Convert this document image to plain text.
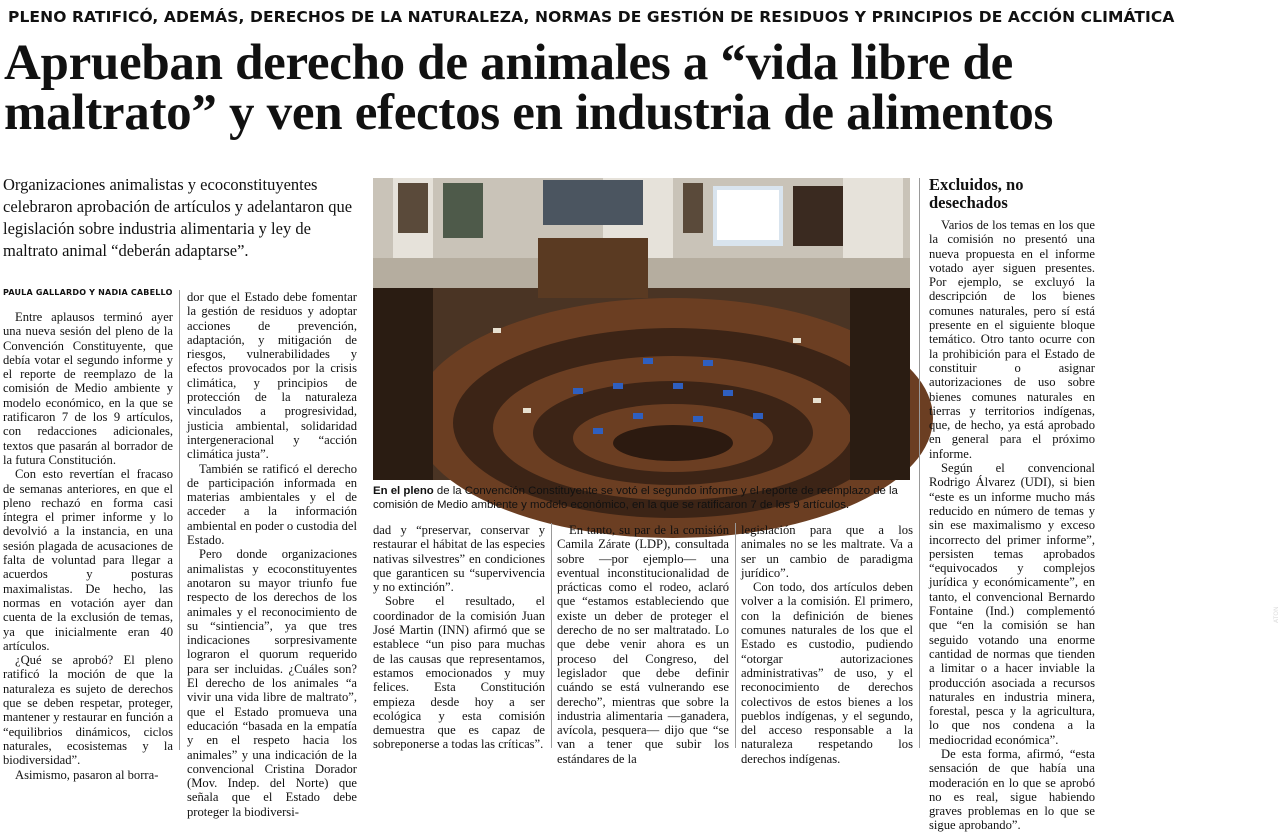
PLENO RATIFICÓ, ADEMÁS, DERECHOS DE LA NATURALEZA, NORMAS DE GESTIÓN DE RESIDUOS Y PRINCIPIOS DE ACCIÓN CLIMÁTICA
Aprueban derecho de animales a “vida libre de maltrato” y ven efectos en industria de alimentos
Organizaciones animalistas y ecoconstituyentes celebraron aprobación de artículos y adelantaron que legislación sobre industria alimentaria y ley de maltrato animal “deberán adaptarse”.
PAULA GALLARDO Y NADIA CABELLO

Entre aplausos terminó ayer una nueva sesión del pleno de la Convención Constituyente, que debía votar el segundo informe y el reporte de reemplazo de la comisión de Medio ambiente y modelo económico, en la que se ratificaron 7 de los 9 artículos, con redacciones adicionales, textos que pasarán al borrador de la futura Constitución.

Con esto revertían el fracaso de semanas anteriores, en que el pleno rechazó en forma casi íntegra el primer informe y lo devolvió a la instancia, en una sesión plagada de acusaciones de falta de voluntad para llegar a acuerdos y posturas maximalistas. De hecho, las normas en votación ayer dan cuenta de la exclusión de temas, ya que inicialmente eran 40 artículos.

¿Qué se aprobó? El pleno ratificó la moción de que la naturaleza es sujeto de derechos que se deben respetar, proteger, mantener y restaurar en función a “equilibrios dinámicos, ciclos naturales, ecosistemas y la biodiversidad”.

Asimismo, pasaron al borra-

dor que el Estado debe fomentar la gestión de residuos y adoptar acciones de prevención, adaptación, y mitigación de riesgos, vulnerabilidades y efectos provocados por la crisis climática, y principios de protección de la naturaleza vinculados a progresividad, justicia ambiental, solidaridad intergeneracional y “acción climática justa”.

También se ratificó el derecho de participación informada en materias ambientales y el de acceder a la información ambiental en poder o custodia del Estado.

Pero donde organizaciones animalistas y ecoconstituyentes anotaron su mayor triunfo fue respecto de los derechos de los animales y el reconocimiento de su “sintiencia”, ya que tres indicaciones sorpresivamente lograron el quorum requerido para ser incluidas. ¿Cuáles son? El derecho de los animales “a vivir una vida libre de maltrato”, que el Estado promueva una educación “basada en la empatía y en el respeto hacia los animales” y una indicación de la convencional Cristina Dorador (Mov. Indep. del Norte) que señala que el Estado debe proteger la biodiversi-

ATON
En el pleno de la Convención Constituyente se votó el segundo informe y el reporte de reemplazo de la comisión de Medio ambiente y modelo económico, en la que se ratificaron 7 de los 9 artículos.

dad y “preservar, conservar y restaurar el hábitat de las especies nativas silvestres” en condiciones que garanticen su “supervivencia y no extinción”.

Sobre el resultado, el coordinador de la comisión Juan José Martin (INN) afirmó que se establece “un piso para muchas de las causas que representamos, estamos emocionados y muy felices. Esta Constitución empieza desde hoy a ser ecológica y esta comisión demuestra que es capaz de sobreponerse a todas las críticas”.

En tanto, su par de la comisión Camila Zárate (LDP), consultada sobre —por ejemplo— una eventual inconstitucionalidad de prácticas como el rodeo, aclaró que “estamos estableciendo que existe un deber de proteger el derecho de no ser maltratado. Lo que debe venir ahora es un proceso del Congreso, del legislador que debe definir cuándo se está vulnerando ese derecho”, mientras que sobre la industria alimentaria —ganadera, avícola, pesquera— dijo que “se van a tener que subir los estándares de la

legislación para que a los animales no se les maltrate. Va a ser un cambio de paradigma jurídico”.

Con todo, dos artículos deben volver a la comisión. El primero, con la definición de bienes comunes naturales de los que el Estado es custodio, pudiendo “otorgar autorizaciones administrativas” de uso, y el reconocimiento de derechos colectivos de estos bienes a los pueblos indígenas, y el segundo, del acceso responsable a la naturaleza respetando los derechos indígenas.

Excluidos, no desechados

Varios de los temas en los que la comisión no presentó una nueva propuesta en el informe votado ayer siguen presentes. Por ejemplo, se excluyó la descripción de los bienes comunes naturales, pero sí está presente en el siguiente bloque temático. Otro tanto ocurre con la prohibición para el Estado de constituir o asignar autorizaciones de uso sobre bienes comunes naturales en tierras y territorios indígenas, que, de hecho, ya está aprobado en general para el próximo informe.

Según el convencional Rodrigo Álvarez (UDI), si bien “este es un informe mucho más reducido en número de temas y sin ese maximalismo y exceso incorrecto del primer informe”, persisten temas aprobados “equivocados y complejos jurídica y económicamente”, en tanto, el convencional Bernardo Fontaine (Ind.) complementó que “en la comisión se han seguido votando una enorme cantidad de normas que tienden a limitar o a hacer inviable la producción asociada a recursos naturales en industria minera, forestal, pesca y la agricultura, lo que nos condena a la mediocridad económica”.

De esta forma, afirmó, “esta sensación de que había una moderación en lo que se aprobó no es real, sigue habiendo graves problemas en lo que se sigue aprobando”.
